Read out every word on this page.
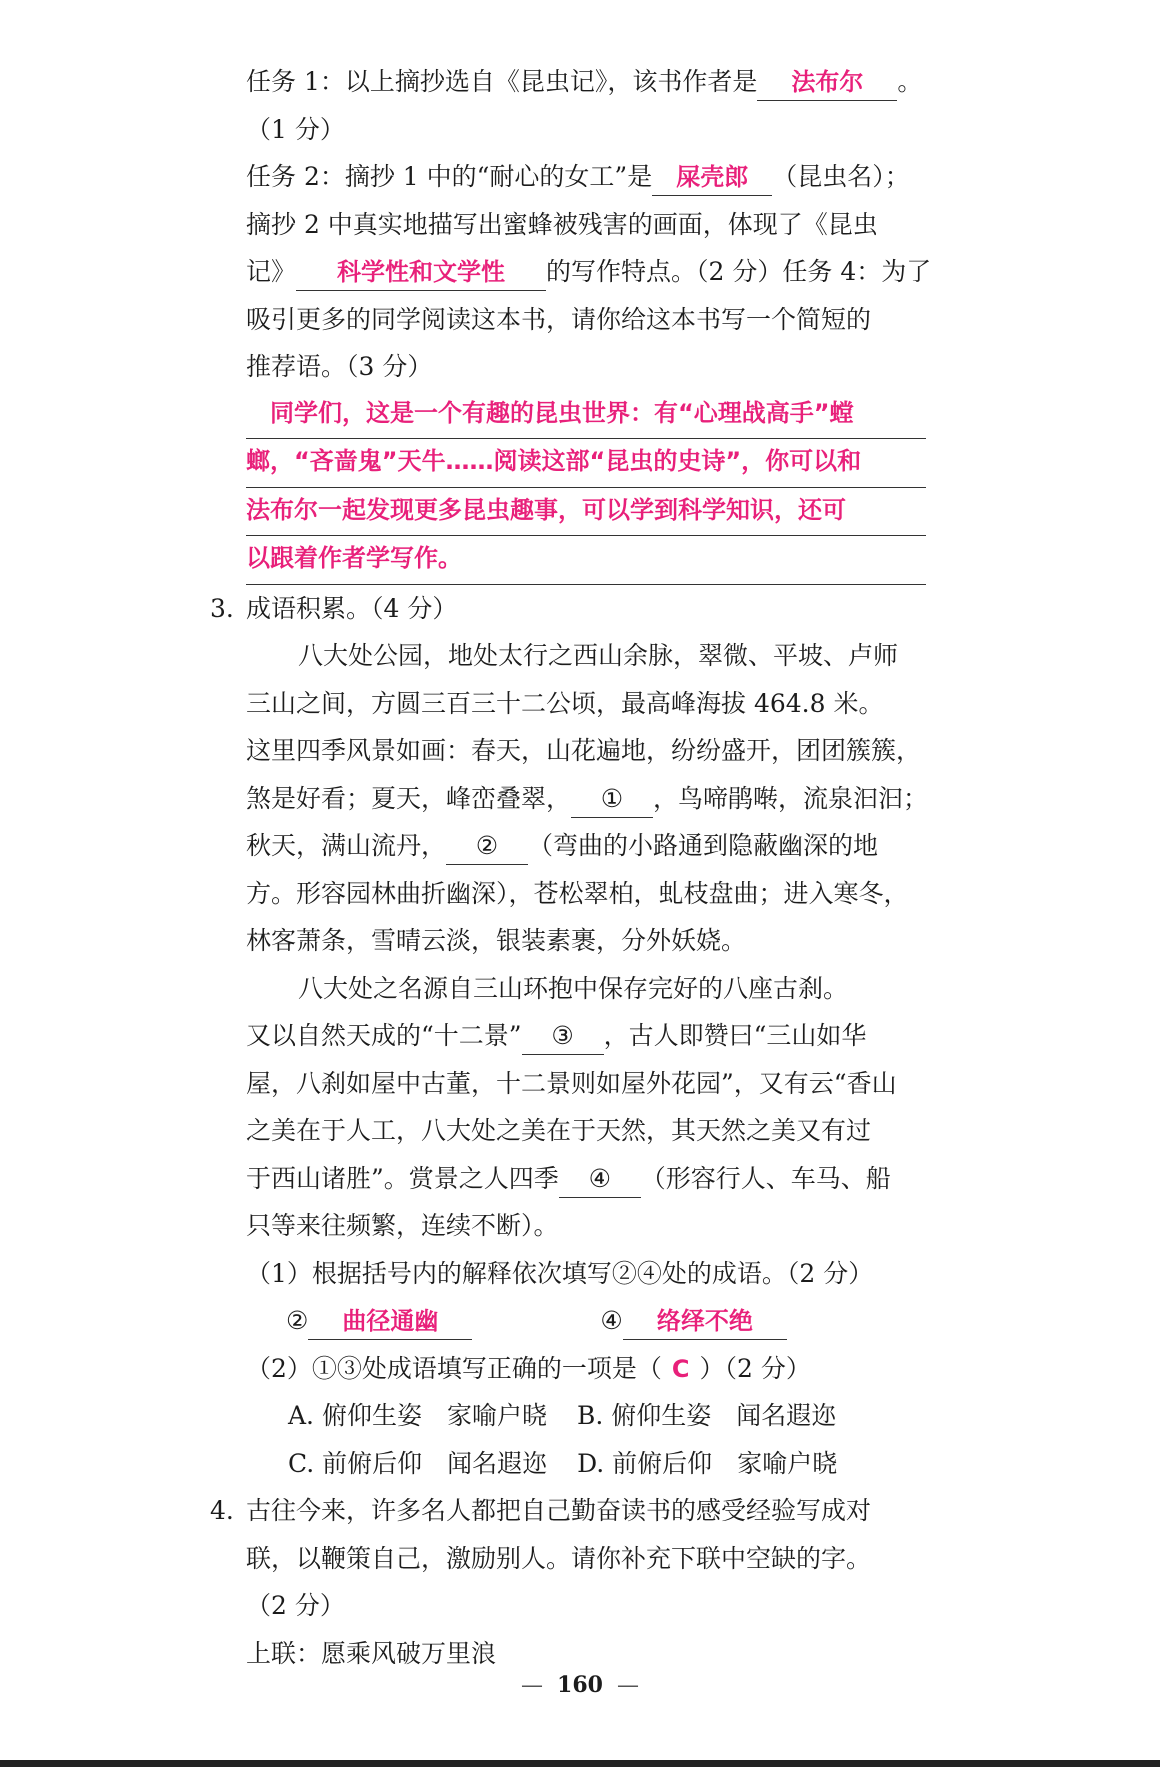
任务 1：以上摘抄选自《昆虫记》，该书作者是 法布尔 。
（1 分）
任务 2：摘抄 1 中的“耐心的女工”是 屎壳郎 （昆虫名）；
摘抄 2 中真实地描写出蜜蜂被残害的画面，体现了《昆虫
记》 科学性和文学性 的写作特点。（2 分）任务 4：为了
吸引更多的同学阅读这本书，请你给这本书写一个简短的
推荐语。（3 分）
同学们，这是一个有趣的昆虫世界：有“心理战高手”螳
螂，“吝啬鬼”天牛……阅读这部“昆虫的史诗”，你可以和
法布尔一起发现更多昆虫趣事，可以学到科学知识，还可
以跟着作者学写作。
3. 成语积累。（4 分）
八大处公园，地处太行之西山余脉，翠微、平坡、卢师
三山之间，方圆三百三十二公顷，最高峰海拔 464.8 米。
这里四季风景如画：春天，山花遍地，纷纷盛开，团团簇簇，
煞是好看；夏天，峰峦叠翠， ① ，鸟啼鹃啭，流泉汩汩；
秋天，满山流丹， ② （弯曲的小路通到隐蔽幽深的地
方。形容园林曲折幽深），苍松翠柏，虬枝盘曲；进入寒冬，
林客萧条，雪晴云淡，银装素裹，分外妖娆。
八大处之名源自三山环抱中保存完好的八座古刹。
又以自然天成的“十二景” ③ ，古人即赞曰“三山如华
屋，八刹如屋中古董，十二景则如屋外花园”，又有云“香山
之美在于人工，八大处之美在于天然，其天然之美又有过
于西山诸胜”。赏景之人四季 ④ （形容行人、车马、船
只等来往频繁，连续不断）。
（1）根据括号内的解释依次填写②④处的成语。（2 分）
② 曲径通幽	④ 络绎不绝
（2）①③处成语填写正确的一项是（ C ）（2 分）
A. 俯仰生姿　家喻户晓 B. 俯仰生姿　闻名遐迩
C. 前俯后仰　闻名遐迩 D. 前俯后仰　家喻户晓
4. 古往今来，许多名人都把自己勤奋读书的感受经验写成对
联，以鞭策自己，激励别人。请你补充下联中空缺的字。
（2 分）
上联：愿乘风破万里浪
— 160 —
